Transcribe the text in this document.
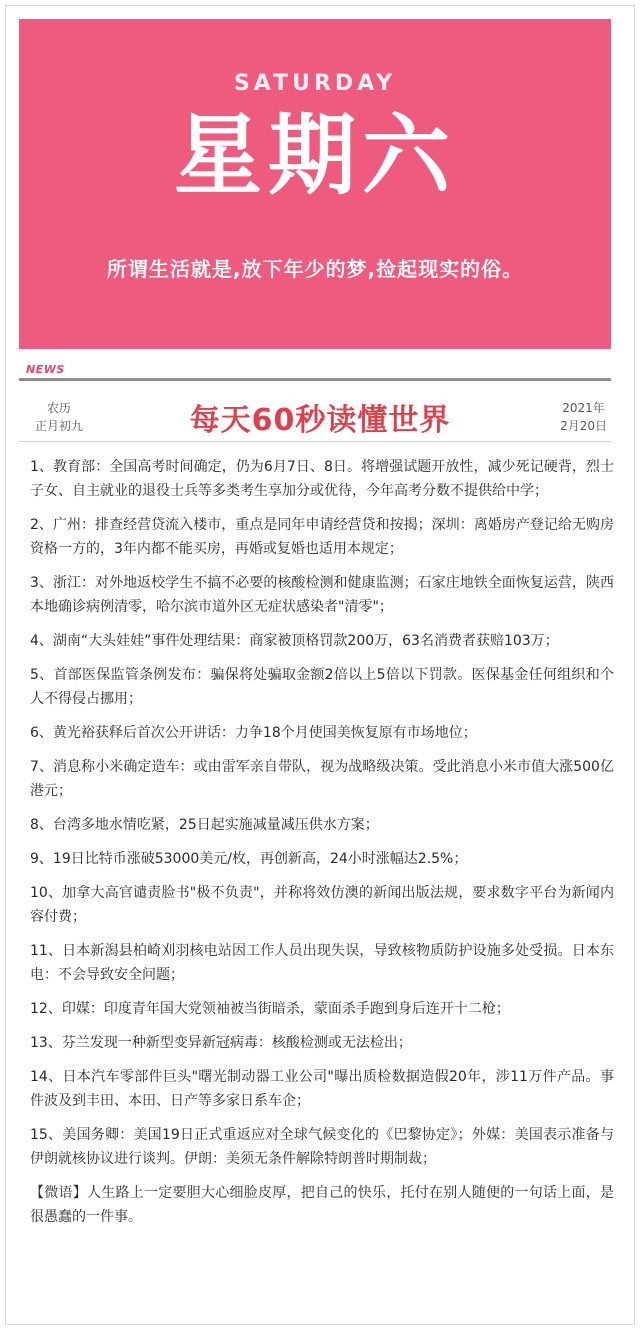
SATURDAY
星期六
所谓生活就是,放下年少的梦,捡起现实的俗。
NEWS
农历
正月初九	每天60秒读懂世界	2021年
2月20日
1、教育部：全国高考时间确定，仍为6月7日、8日。将增强试题开放性，减少死记硬背，烈士子女、自主就业的退役士兵等多类考生享加分或优待，今年高考分数不提供给中学；
2、广州：排查经营贷流入楼市，重点是同年申请经营贷和按揭；深圳：离婚房产登记给无购房资格一方的，3年内都不能买房，再婚或复婚也适用本规定；
3、浙江：对外地返校学生不搞不必要的核酸检测和健康监测；石家庄地铁全面恢复运营，陕西本地确诊病例清零，哈尔滨市道外区无症状感染者"清零"；
4、湖南“大头娃娃”事件处理结果：商家被顶格罚款200万，63名消费者获赔103万；
5、首部医保监管条例发布：骗保将处骗取金额2倍以上5倍以下罚款。医保基金任何组织和个人不得侵占挪用；
6、黄光裕获释后首次公开讲话：力争18个月使国美恢复原有市场地位；
7、消息称小米确定造车：或由雷军亲自带队，视为战略级决策。受此消息小米市值大涨500亿港元；
8、台湾多地水情吃紧，25日起实施减量减压供水方案；
9、19日比特币涨破53000美元/枚，再创新高，24小时涨幅达2.5%；
10、加拿大高官谴责脸书"极不负责"，并称将效仿澳的新闻出版法规，要求数字平台为新闻内容付费；
11、日本新潟县柏崎刈羽核电站因工作人员出现失误，导致核物质防护设施多处受损。日本东电：不会导致安全问题；
12、印媒：印度青年国大党领袖被当街暗杀，蒙面杀手跑到身后连开十二枪；
13、芬兰发现一种新型变异新冠病毒：核酸检测或无法检出；
14、日本汽车零部件巨头"曙光制动器工业公司"曝出质检数据造假20年，涉11万件产品。事件波及到丰田、本田、日产等多家日系车企；
15、美国务卿：美国19日正式重返应对全球气候变化的《巴黎协定》；外媒：美国表示准备与伊朗就核协议进行谈判。伊朗：美须无条件解除特朗普时期制裁；
【微语】人生路上一定要胆大心细脸皮厚，把自己的快乐，托付在别人随便的一句话上面，是很愚蠢的一件事。
